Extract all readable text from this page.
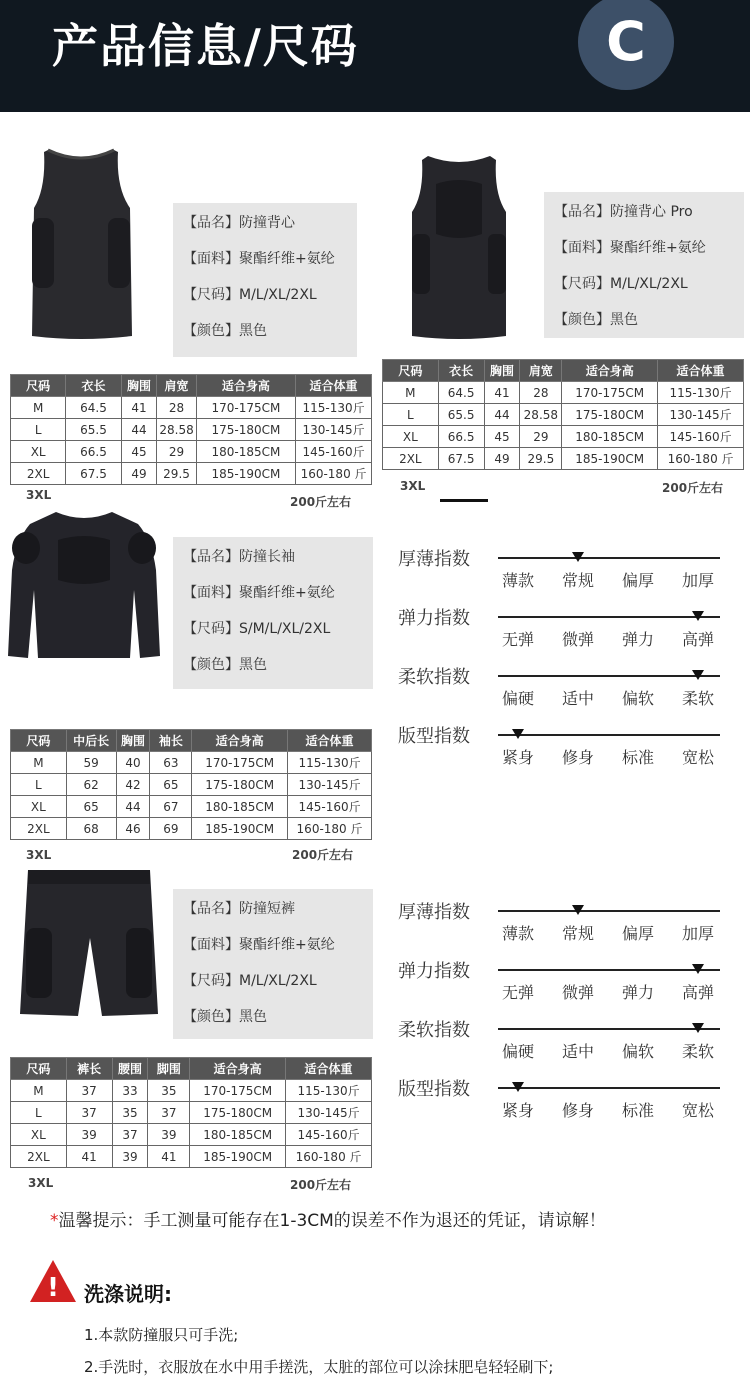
产品信息/尺码	C
【品名】防撞背心
【面料】聚酯纤维+氨纶
【尺码】M/L/XL/2XL
【颜色】黑色
尺码	衣长	胸围	肩宽	适合身高	适合体重
M	64.5	41	28	170-175CM	115-130斤
L	65.5	44	28.58	175-180CM	130-145斤
XL	66.5	45	29	180-185CM	145-160斤
2XL	67.5	49	29.5	185-190CM	160-180 斤
3XL	200斤左右
【品名】防撞背心 Pro
【面料】聚酯纤维+氨纶
【尺码】M/L/XL/2XL
【颜色】黑色
尺码	衣长	胸围	肩宽	适合身高	适合体重
M	64.5	41	28	170-175CM	115-130斤
L	65.5	44	28.58	175-180CM	130-145斤
XL	66.5	45	29	180-185CM	145-160斤
2XL	67.5	49	29.5	185-190CM	160-180 斤
3XL	200斤左右
【品名】防撞长袖
【面料】聚酯纤维+氨纶
【尺码】S/M/L/XL/2XL
【颜色】黑色
尺码	中后长	胸围	袖长	适合身高	适合体重
M	59	40	63	170-175CM	115-130斤
L	62	42	65	175-180CM	130-145斤
XL	65	44	67	180-185CM	145-160斤
2XL	68	46	69	185-190CM	160-180 斤
3XL	200斤左右
【品名】防撞短裤
【面料】聚酯纤维+氨纶
【尺码】M/L/XL/2XL
【颜色】黑色
尺码	裤长	腰围	脚围	适合身高	适合体重
M	37	33	35	170-175CM	115-130斤
L	37	35	37	175-180CM	130-145斤
XL	39	37	39	180-185CM	145-160斤
2XL	41	39	41	185-190CM	160-180 斤
3XL	200斤左右
厚薄指数
薄款	常规	偏厚	加厚
弹力指数
无弹	微弹	弹力	高弹
柔软指数
偏硬	适中	偏软	柔软
版型指数
紧身	修身	标准	宽松
厚薄指数
薄款	常规	偏厚	加厚
弹力指数
无弹	微弹	弹力	高弹
柔软指数
偏硬	适中	偏软	柔软
版型指数
紧身	修身	标准	宽松
*温馨提示：手工测量可能存在1-3CM的误差不作为退还的凭证，请谅解！
! 洗涤说明:
1.本款防撞服只可手洗;
2.手洗时，衣服放在水中用手搓洗，太脏的部位可以涂抹肥皂轻轻刷下;
